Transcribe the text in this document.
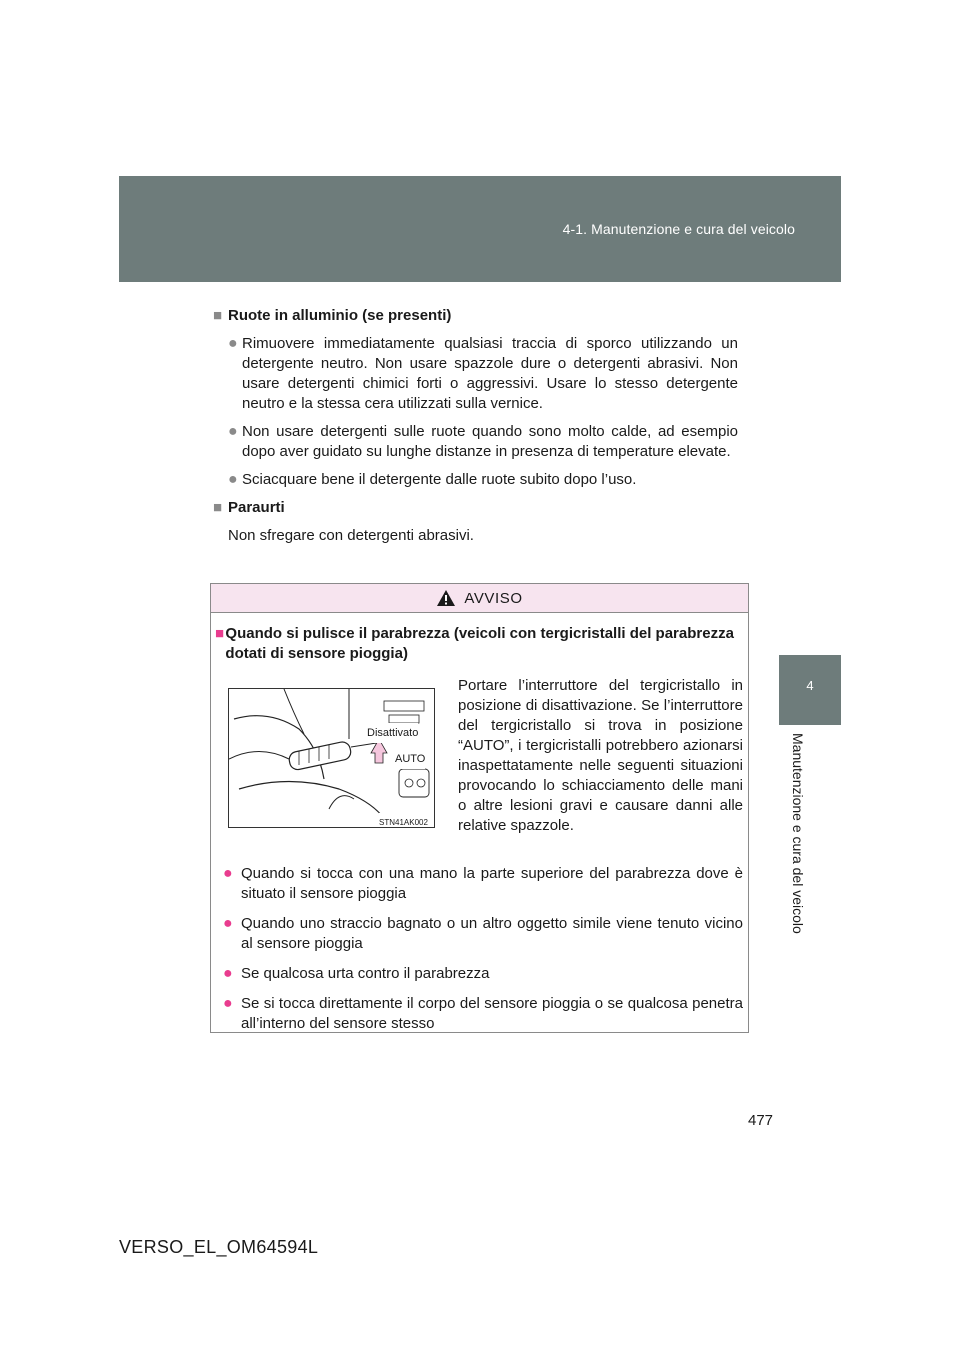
4-1. Manutenzione e cura del veicolo
4
Manutenzione e cura del veicolo
■ Ruote in alluminio (se presenti)
● Rimuovere immediatamente qualsiasi traccia di sporco utilizzando un detergente neutro. Non usare spazzole dure o detergenti abrasivi. Non usare detergenti chimici forti o aggressivi. Usare lo stesso detergente neutro e la stessa cera utilizzati sulla vernice.
● Non usare detergenti sulle ruote quando sono molto calde, ad esempio dopo aver guidato su lunghe distanze in presenza di temperature elevate.
● Sciacquare bene il detergente dalle ruote subito dopo l’uso.
■ Paraurti
Non sfregare con detergenti abrasivi.
AVVISO
■ Quando si pulisce il parabrezza (veicoli con tergicristalli del parabrezza dotati di sensore pioggia)
Disattivato
AUTO
STN41AK002
Portare l’interruttore del tergicristallo in posizione di disattivazione. Se l’interruttore del tergicristallo si trova in posizione “AUTO”, i tergicristalli potrebbero azionarsi inaspettatamente nelle seguenti situazioni provocando lo schiacciamento delle mani o altre lesioni gravi e causare danni alle relative spazzole.
● Quando si tocca con una mano la parte superiore del parabrezza dove è situato il sensore pioggia
● Quando uno straccio bagnato o un altro oggetto simile viene tenuto vicino al sensore pioggia
● Se qualcosa urta contro il parabrezza
● Se si tocca direttamente il corpo del sensore pioggia o se qualcosa penetra all’interno del sensore stesso
477
VERSO_EL_OM64594L
